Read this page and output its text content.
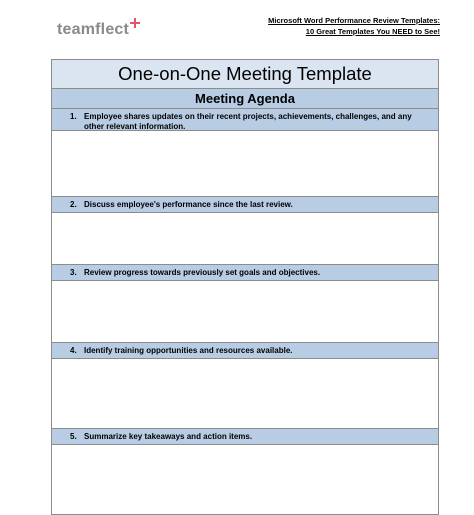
teamflect
Microsoft Word Performance Review Templates:
10 Great Templates You NEED to See!
One-on-One Meeting Template
Meeting Agenda
1. Employee shares updates on their recent projects, achievements, challenges, and any other relevant information.
2. Discuss employee's performance since the last review.
3. Review progress towards previously set goals and objectives.
4. Identify training opportunities and resources available.
5. Summarize key takeaways and action items.
